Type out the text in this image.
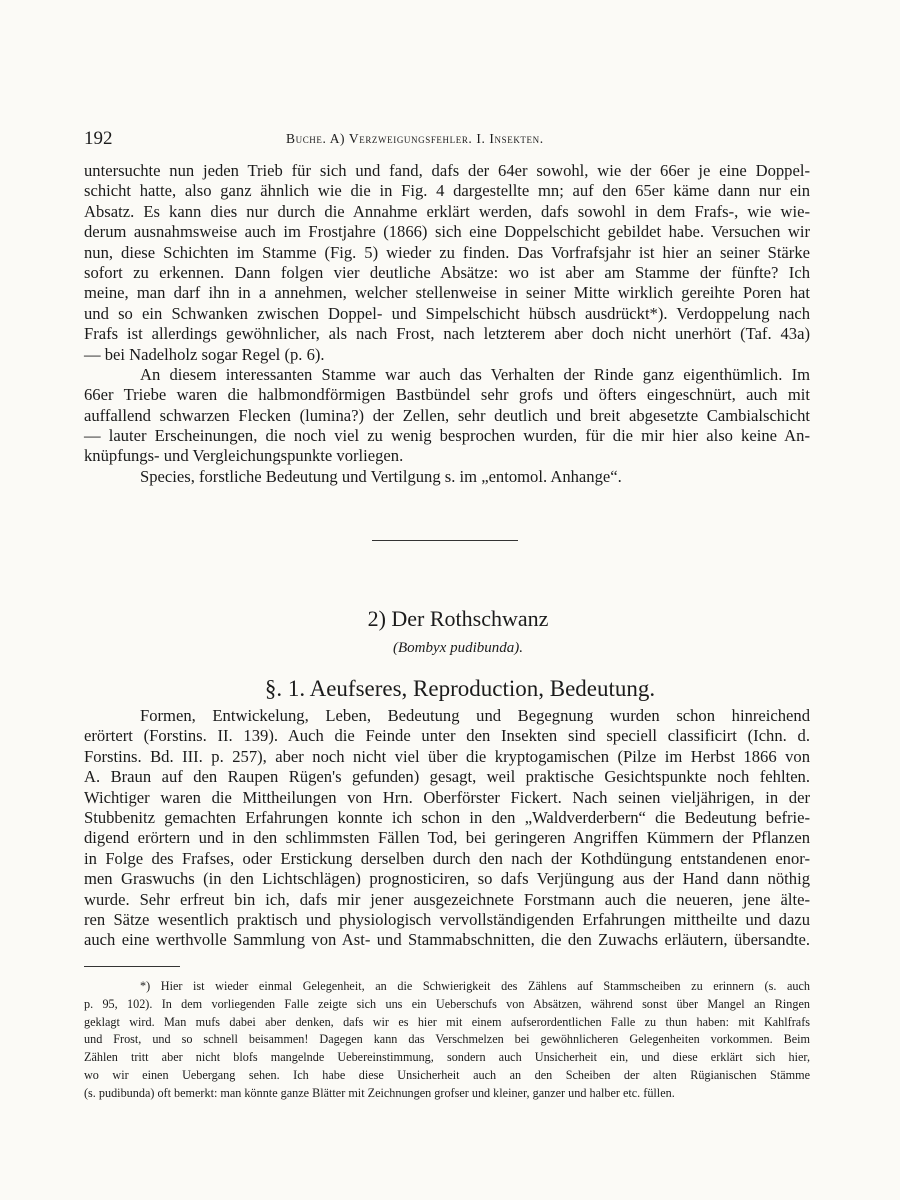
192	Buche. A) Verzweigungsfehler. I. Insekten.
untersuchte nun jeden Trieb für sich und fand, dafs der 64er sowohl, wie der 66er je eine Doppel-
schicht hatte, also ganz ähnlich wie die in Fig. 4 dargestellte mn; auf den 65er käme dann nur ein
Absatz. Es kann dies nur durch die Annahme erklärt werden, dafs sowohl in dem Frafs-, wie wie-
derum ausnahmsweise auch im Frostjahre (1866) sich eine Doppelschicht gebildet habe. Versuchen wir
nun, diese Schichten im Stamme (Fig. 5) wieder zu finden. Das Vorfrafsjahr ist hier an seiner Stärke
sofort zu erkennen. Dann folgen vier deutliche Absätze: wo ist aber am Stamme der fünfte? Ich
meine, man darf ihn in a annehmen, welcher stellenweise in seiner Mitte wirklich gereihte Poren hat
und so ein Schwanken zwischen Doppel- und Simpelschicht hübsch ausdrückt*). Verdoppelung nach
Frafs ist allerdings gewöhnlicher, als nach Frost, nach letzterem aber doch nicht unerhört (Taf. 43a)
— bei Nadelholz sogar Regel (p. 6).
An diesem interessanten Stamme war auch das Verhalten der Rinde ganz eigenthümlich. Im
66er Triebe waren die halbmondförmigen Bastbündel sehr grofs und öfters eingeschnürt, auch mit
auffallend schwarzen Flecken (lumina?) der Zellen, sehr deutlich und breit abgesetzte Cambialschicht
— lauter Erscheinungen, die noch viel zu wenig besprochen wurden, für die mir hier also keine An-
knüpfungs- und Vergleichungspunkte vorliegen.
Species, forstliche Bedeutung und Vertilgung s. im „entomol. Anhange“.
2) Der Rothschwanz
(Bombyx pudibunda).
§. 1. Aeufseres, Reproduction, Bedeutung.
Formen, Entwickelung, Leben, Bedeutung und Begegnung wurden schon hinreichend
erörtert (Forstins. II. 139). Auch die Feinde unter den Insekten sind speciell classificirt (Ichn. d.
Forstins. Bd. III. p. 257), aber noch nicht viel über die kryptogamischen (Pilze im Herbst 1866 von
A. Braun auf den Raupen Rügen's gefunden) gesagt, weil praktische Gesichtspunkte noch fehlten.
Wichtiger waren die Mittheilungen von Hrn. Oberförster Fickert. Nach seinen vieljährigen, in der
Stubbenitz gemachten Erfahrungen konnte ich schon in den „Waldverderbern“ die Bedeutung befrie-
digend erörtern und in den schlimmsten Fällen Tod, bei geringeren Angriffen Kümmern der Pflanzen
in Folge des Frafses, oder Erstickung derselben durch den nach der Kothdüngung entstandenen enor-
men Graswuchs (in den Lichtschlägen) prognosticiren, so dafs Verjüngung aus der Hand dann nöthig
wurde. Sehr erfreut bin ich, dafs mir jener ausgezeichnete Forstmann auch die neueren, jene älte-
ren Sätze wesentlich praktisch und physiologisch vervollständigenden Erfahrungen mittheilte und dazu
auch eine werthvolle Sammlung von Ast- und Stammabschnitten, die den Zuwachs erläutern, übersandte.
*) Hier ist wieder einmal Gelegenheit, an die Schwierigkeit des Zählens auf Stammscheiben zu erinnern (s. auch
p. 95, 102). In dem vorliegenden Falle zeigte sich uns ein Ueberschufs von Absätzen, während sonst über Mangel an Ringen
geklagt wird. Man mufs dabei aber denken, dafs wir es hier mit einem aufserordentlichen Falle zu thun haben: mit Kahlfrafs
und Frost, und so schnell beisammen! Dagegen kann das Verschmelzen bei gewöhnlicheren Gelegenheiten vorkommen. Beim
Zählen tritt aber nicht blofs mangelnde Uebereinstimmung, sondern auch Unsicherheit ein, und diese erklärt sich hier,
wo wir einen Uebergang sehen. Ich habe diese Unsicherheit auch an den Scheiben der alten Rügianischen Stämme
(s. pudibunda) oft bemerkt: man könnte ganze Blätter mit Zeichnungen grofser und kleiner, ganzer und halber etc. füllen.
